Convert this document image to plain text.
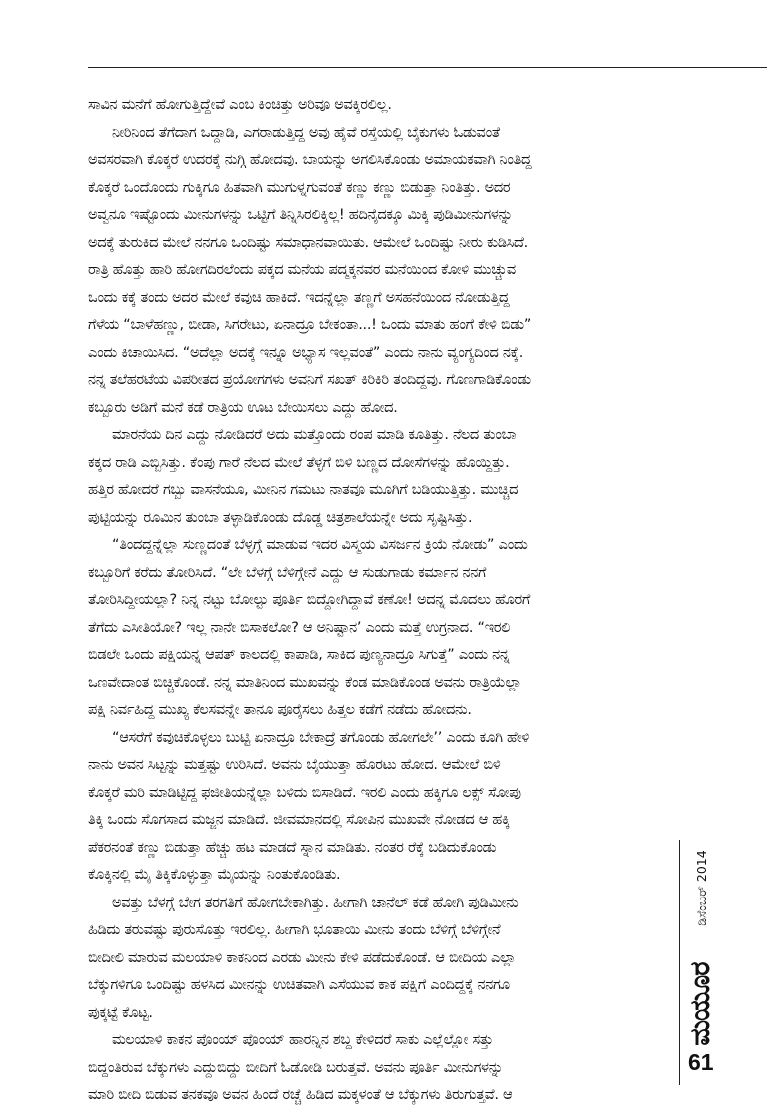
ಸಾವಿನ ಮನೆಗೆ ಹೋಗುತ್ತಿದ್ದೇವೆ ಎಂಬ ಕಿಂಚಿತ್ತು ಅರಿವೂ ಅವಕ್ಕಿರಲಿಲ್ಲ.
ನೀರಿನಿಂದ ತೆಗೆದಾಗ ಒದ್ದಾಡಿ, ಎಗರಾಡುತ್ತಿದ್ದ ಅವು ಹೈವೆ ರಸ್ತೆಯಲ್ಲಿ ಬೈಕುಗಳು ಓಡುವಂತೆ
ಅವಸರವಾಗಿ ಕೊಕ್ಕರೆ ಉದರಕ್ಕೆ ನುಗ್ಗಿ ಹೋದವು. ಬಾಯನ್ನು ಅಗಲಿಸಿಕೊಂಡು ಅಮಾಯಕವಾಗಿ ನಿಂತಿದ್ದ
ಕೊಕ್ಕರೆ ಒಂದೊಂದು ಗುಕ್ಕಿಗೂ ಹಿತವಾಗಿ ಮುಗುಳ್ನಗುವಂತೆ ಕಣ್ಣು ಕಣ್ಣು ಬಿಡುತ್ತಾ ನಿಂತಿತ್ತು. ಅದರ
ಅವ್ವನೂ ಇಷ್ಟೊಂದು ಮೀನುಗಳನ್ನು ಒಟ್ಟಿಗೆ ತಿನ್ನಿಸಿರಲಿಕ್ಕಿಲ್ಲ! ಹದಿನೈದಕ್ಕೂ ಮಿಕ್ಕಿ ಪುಡಿಮೀನುಗಳನ್ನು
ಅದಕ್ಕೆ ತುರುಕಿದ ಮೇಲೆ ನನಗೂ ಒಂದಿಷ್ಟು ಸಮಾಧಾನವಾಯಿತು. ಆಮೇಲೆ ಒಂದಿಷ್ಟು ನೀರು ಕುಡಿಸಿದೆ.
ರಾತ್ರಿ ಹೊತ್ತು ಹಾರಿ ಹೋಗದಿರಲೆಂದು ಪಕ್ಕದ ಮನೆಯ ಪದ್ಮಕ್ಕನವರ ಮನೆಯಿಂದ ಕೋಳಿ ಮುಚ್ಚುವ
ಒಂದು ಕಕ್ಕೆ ತಂದು ಅದರ ಮೇಲೆ ಕವುಚಿ ಹಾಕಿದೆ. ಇದನ್ನೆಲ್ಲಾ ತಣ್ಣಗೆ ಅಸಹನೆಯಿಂದ ನೋಡುತ್ತಿದ್ದ
ಗೆಳೆಯ “ಬಾಳೆಹಣ್ಣು, ಬೀಡಾ, ಸಿಗರೇಟು, ಏನಾದ್ರೂ ಬೇಕಂತಾ...! ಒಂದು ಮಾತು ಹಂಗೆ ಕೇಳಿ ಬಿಡು”
ಎಂದು ಕಿಚಾಯಿಸಿದ. “ಅದೆಲ್ಲಾ ಅದಕ್ಕೆ ಇನ್ನೂ ಅಭ್ಯಾಸ ಇಲ್ಲವಂತೆ” ಎಂದು ನಾನು ವ್ಯಂಗ್ಯದಿಂದ ನಕ್ಕೆ.
ನನ್ನ ತಲೆಹರಟೆಯ ವಿಪರೀತದ ಪ್ರಯೋಗಗಳು ಅವನಿಗೆ ಸಖತ್ ಕಿರಿಕಿರಿ ತಂದಿದ್ದವು. ಗೊಣಗಾಡಿಕೊಂಡು
ಕಬ್ಬೂರು ಅಡಿಗೆ ಮನೆ ಕಡೆ ರಾತ್ರಿಯ ಊಟ ಬೇಯಿಸಲು ಎದ್ದು ಹೋದ.
ಮಾರನೆಯ ದಿನ ಎದ್ದು ನೋಡಿದರೆ ಅದು ಮತ್ತೊಂದು ರಂಪ ಮಾಡಿ ಕೂತಿತ್ತು. ನೆಲದ ತುಂಬಾ
ಕಕ್ಕದ ರಾಡಿ ಎಬ್ಬಿಸಿತ್ತು. ಕೆಂಪು ಗಾರೆ ನೆಲದ ಮೇಲೆ ತೆಳ್ಳಗೆ ಬಿಳಿ ಬಣ್ಣದ ದೋಸೆಗಳನ್ನು ಹೊಯ್ದಿತ್ತು.
ಹತ್ತಿರ ಹೋದರೆ ಗಬ್ಬು ವಾಸನೆಯೂ, ಮೀನಿನ ಗಮಟು ನಾತವೂ ಮೂಗಿಗೆ ಬಡಿಯುತ್ತಿತ್ತು. ಮುಚ್ಚಿದ
ಪುಟ್ಟಿಯನ್ನು ರೂಮಿನ ತುಂಬಾ ತಳ್ಳಾಡಿಕೊಂಡು ದೊಡ್ಡ ಚಿತ್ರಶಾಲೆಯನ್ನೇ ಅದು ಸೃಷ್ಟಿಸಿತ್ತು.
“ತಿಂದದ್ದನ್ನೆಲ್ಲಾ ಸುಣ್ಣದಂತೆ ಬೆಳ್ಳಗ್ಗೆ ಮಾಡುವ ಇದರ ವಿಸ್ಮಯ ವಿಸರ್ಜನ ಕ್ರಿಯೆ ನೋಡು” ಎಂದು
ಕಬ್ಬೂರಿಗೆ ಕರೆದು ತೋರಿಸಿದೆ. “ಲೇ ಬೆಳಗ್ಗೆ ಬೆಳಿಗ್ಗೇನೆ ಎದ್ದು ಆ ಸುಡುಗಾಡು ಕರ್ಮಾನ ನನಗೆ
ತೋರಿಸಿದ್ದೀಯಲ್ಲಾ? ನಿನ್ನ ನಟ್ಟು ಬೋಲ್ಟು ಪೂರ್ತಿ ಬಿದ್ದೋಗಿದ್ದಾವೆ ಕಣೋ! ಅದನ್ನ ಮೊದಲು ಹೊರಗೆ
ತೆಗೆದು ಎಸೀತಿಯೋ? ಇಲ್ಲ ನಾನೇ ಬಿಸಾಕಲೋ? ಆ ಅನಿಷ್ಟಾನ’ ಎಂದು ಮತ್ತೆ ಉಗ್ರನಾದ. “ಇರಲಿ
ಬಿಡಲೇ ಒಂದು ಪಕ್ಷಿಯನ್ನ ಆಪತ್ ಕಾಲದಲ್ಲಿ ಕಾಪಾಡಿ, ಸಾಕಿದ ಪುಣ್ಯನಾದ್ರೂ ಸಿಗುತ್ತೆ” ಎಂದು ನನ್ನ
ಒಣವೇದಾಂತ ಬಿಚ್ಚಿಕೊಂಡೆ. ನನ್ನ ಮಾತಿನಿಂದ ಮುಖವನ್ನು ಕೆಂಡ ಮಾಡಿಕೊಂಡ ಅವನು ರಾತ್ರಿಯೆಲ್ಲಾ
ಪಕ್ಷಿ ನಿರ್ವಹಿದ್ದ ಮುಖ್ಯ ಕೆಲಸವನ್ನೇ ತಾನೂ ಪೂರೈಸಲು ಹಿತ್ತಲ ಕಡೆಗೆ ನಡೆದು ಹೋದನು.
“ಆಸರೆಗೆ ಕವುಚಿಕೊಳ್ಳಲು ಬುಟ್ಟಿ ಏನಾದ್ರೂ ಬೇಕಾದ್ರೆ ತಗೊಂಡು ಹೋಗಲೇ’’ ಎಂದು ಕೂಗಿ ಹೇಳಿ
ನಾನು ಅವನ ಸಿಟ್ಟನ್ನು ಮತ್ತಷ್ಟು ಉರಿಸಿದೆ. ಅವನು ಬೈಯುತ್ತಾ ಹೊರಟು ಹೋದ. ಆಮೇಲೆ ಬಿಳಿ
ಕೊಕ್ಕರೆ ಮರಿ ಮಾಡಿಟ್ಟಿದ್ದ ಫಜೀತಿಯನ್ನೆಲ್ಲಾ ಬಳಿದು ಬಿಸಾಡಿದೆ. ಇರಲಿ ಎಂದು ಹಕ್ಕಿಗೂ ಲಕ್ಸ್ ಸೋಪು
ತಿಕ್ಕಿ ಒಂದು ಸೊಗಸಾದ ಮಜ್ಜನ ಮಾಡಿದೆ. ಜೀವಮಾನದಲ್ಲಿ ಸೋಪಿನ ಮುಖವೇ ನೋಡದ ಆ ಹಕ್ಕಿ
ಪೆಕರನಂತೆ ಕಣ್ಣು ಬಿಡುತ್ತಾ ಹೆಚ್ಚು ಹಟ ಮಾಡದೆ ಸ್ನಾನ ಮಾಡಿತು. ನಂತರ ರೆಕ್ಕೆ ಬಡಿದುಕೊಂಡು
ಕೊಕ್ಕಿನಲ್ಲಿ ಮೈ ತಿಕ್ಕಿಕೊಳ್ಳುತ್ತಾ ಮೈಯನ್ನು ನಿಂತುಕೊಂಡಿತು.
ಅವತ್ತು ಬೆಳಗ್ಗೆ ಬೇಗ ತರಗತಿಗೆ ಹೋಗಬೇಕಾಗಿತ್ತು. ಹೀಗಾಗಿ ಚಾನೆಲ್ ಕಡೆ ಹೋಗಿ ಪುಡಿಮೀನು
ಹಿಡಿದು ತರುವಷ್ಟು ಪುರುಸೊತ್ತು ಇರಲಿಲ್ಲ. ಹೀಗಾಗಿ ಭೂತಾಯಿ ಮೀನು ತಂದು ಬೆಳಿಗ್ಗೆ ಬೆಳಿಗ್ಗೇನೆ
ಬೀದೀಲಿ ಮಾರುವ ಮಲಯಾಳಿ ಕಾಕನಿಂದ ಎರಡು ಮೀನು ಕೇಳಿ ಪಡೆದುಕೊಂಡೆ. ಆ ಬೀದಿಯ ಎಲ್ಲಾ
ಬೆಕ್ಕುಗಳಿಗೂ ಒಂದಿಷ್ಟು ಹಳಸಿದ ಮೀನನ್ನು ಉಚಿತವಾಗಿ ಎಸೆಯುವ ಕಾಕ ಪಕ್ಷಿಗೆ ಎಂದಿದ್ದಕ್ಕೆ ನನಗೂ
ಪುಕ್ಕಟ್ಟೆ ಕೊಟ್ಟ.
ಮಲಯಾಳಿ ಕಾಕನ ಪೊಂಯ್ ಪೊಂಯ್ ಹಾರನ್ನಿನ ಶಬ್ದ ಕೇಳಿದರೆ ಸಾಕು ಎಲ್ಲೆಲ್ಲೋ ಸತ್ತು
ಬಿದ್ದಂತಿರುವ ಬೆಕ್ಕುಗಳು ಎದ್ದುಬಿದ್ದು ಬೀದಿಗೆ ಓಡೋಡಿ ಬರುತ್ತವೆ. ಅವನು ಪೂರ್ತಿ ಮೀನುಗಳನ್ನು
ಮಾರಿ ಬೀದಿ ಬಿಡುವ ತನಕವೂ ಅವನ ಹಿಂದೆ ರಚ್ಚೆ ಹಿಡಿದ ಮಕ್ಕಳಂತೆ ಆ ಬೆಕ್ಕುಗಳು ತಿರುಗುತ್ತವೆ. ಆ
ಡಿಸೆಂಬರ್ 2014
ಮಯೂರ
61
